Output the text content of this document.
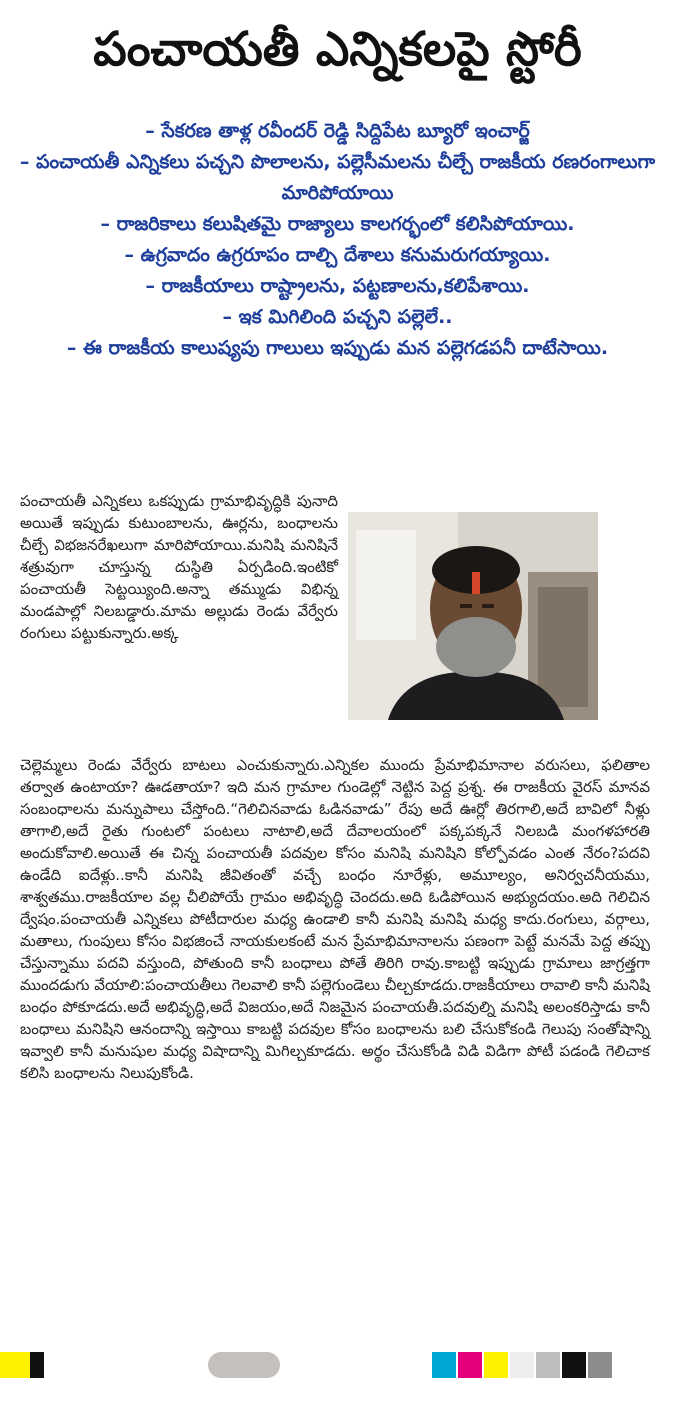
పంచాయతీ ఎన్నికలపై స్టోరీ

– సేకరణ తాళ్ల రవీందర్ రెడ్డి సిద్దిపేట బ్యూరో ఇంచార్జ్

– పంచాయతీ ఎన్నికలు పచ్చని పొలాలను, పల్లెసీమలను చీల్చే రాజకీయ రణరంగాలుగా మారిపోయాయి

– రాజరికాలు కలుషితమై రాజ్యాలు కాలగర్భంలో కలిసిపోయాయి.

– ఉగ్రవాదం ఉగ్రరూపం దాల్చి దేశాలు కనుమరుగయ్యాయి.

– రాజకీయాలు రాష్ట్రాలను, పట్టణాలను,కలిపేశాయి.

– ఇక మిగిలింది పచ్చని పల్లెలే..

– ఈ రాజకీయ కాలుష్యపు గాలులు ఇప్పుడు మన పల్లెగడపనీ దాటేసాయి.

పంచాయతీ ఎన్నికలు ఒకప్పుడు గ్రామాభివృద్ధికి పునాది అయితే ఇప్పుడు కుటుంబాలను, ఊర్లను, బంధాలను చీల్చే విభజనరేఖలుగా మారిపోయాయి.మనిషి మనిషినే శత్రువుగా చూస్తున్న దుస్థితి ఏర్పడింది.ఇంటికో పంచాయతీ సెట్టయ్యింది.అన్నా తమ్ముడు విభిన్న మండపాల్లో నిలబడ్డారు.మామ అల్లుడు రెండు వేర్వేరు రంగులు పట్టుకున్నారు.అక్క

చెల్లెమ్మలు రెండు వేర్వేరు బాటలు ఎంచుకున్నారు.ఎన్నికల ముందు ప్రేమాభిమానాల వరుసలు, ఫలితాల తర్వాత ఉంటాయా? ఊడతాయా? ఇది మన గ్రామాల గుండెల్లో నెట్టిన పెద్ద ప్రశ్న. ఈ రాజకీయ వైరస్ మానవ సంబంధాలను మన్నుపాలు చేస్తోంది.“గెలిచినవాడు ఓడినవాడు” రేపు అదే ఊర్లో తిరగాలి,అదే బావిలో నీళ్లు తాగాలి,అదే రైతు గుంటలో పంటలు నాటాలి,అదే దేవాలయంలో పక్కపక్కనే నిలబడి మంగళహారతి అందుకోవాలి.అయితే ఈ చిన్న పంచాయతీ పదవుల కోసం మనిషి మనిషిని కోల్పోవడం ఎంత నేరం?పదవి ఉండేది ఐదేళ్లు..కానీ మనిషి జీవితంతో వచ్చే బంధం నూరేళ్లు, అమూల్యం, అనిర్వచనీయము, శాశ్వతము.రాజకీయాల వల్ల చీలిపోయే గ్రామం అభివృద్ధి చెందదు.అది ఓడిపోయిన అభ్యుదయం.అది గెలిచిన ద్వేషం.పంచాయతీ ఎన్నికలు పోటీదారుల మధ్య ఉండాలి కానీ మనిషి మనిషి మధ్య కాదు.రంగులు, వర్గాలు, మతాలు, గుంపులు కోసం విభజించే నాయకులకంటే మన ప్రేమాభిమానాలను పణంగా పెట్టే మనమే పెద్ద తప్పు చేస్తున్నాము పదవి వస్తుంది, పోతుంది కానీ బంధాలు పోతే తిరిగి రావు.కాబట్టి ఇప్పుడు గ్రామాలు జాగ్రత్తగా ముందడుగు వేయాలి:పంచాయతీలు గెలవాలి కానీ పల్లెగుండెలు చీల్చకూడదు.రాజకీయాలు రావాలి కానీ మనిషి బంధం పోకూడదు.అదే అభివృద్ధి,అదే విజయం,అదే నిజమైన పంచాయతీ.పదవుల్ని మనిషి అలంకరిస్తాడు కానీ బంధాలు మనిషిని ఆనందాన్ని ఇస్తాయి కాబట్టి పదవుల కోసం బంధాలను బలి చేసుకోకండి గెలుపు సంతోషాన్ని ఇవ్వాలి కానీ మనుషుల మధ్య విషాదాన్ని మిగిల్చకూడదు. అర్థం చేసుకోండి విడి విడిగా పోటీ పడండి గెలిచాక కలిసి బంధాలను నిలుపుకోండి.
